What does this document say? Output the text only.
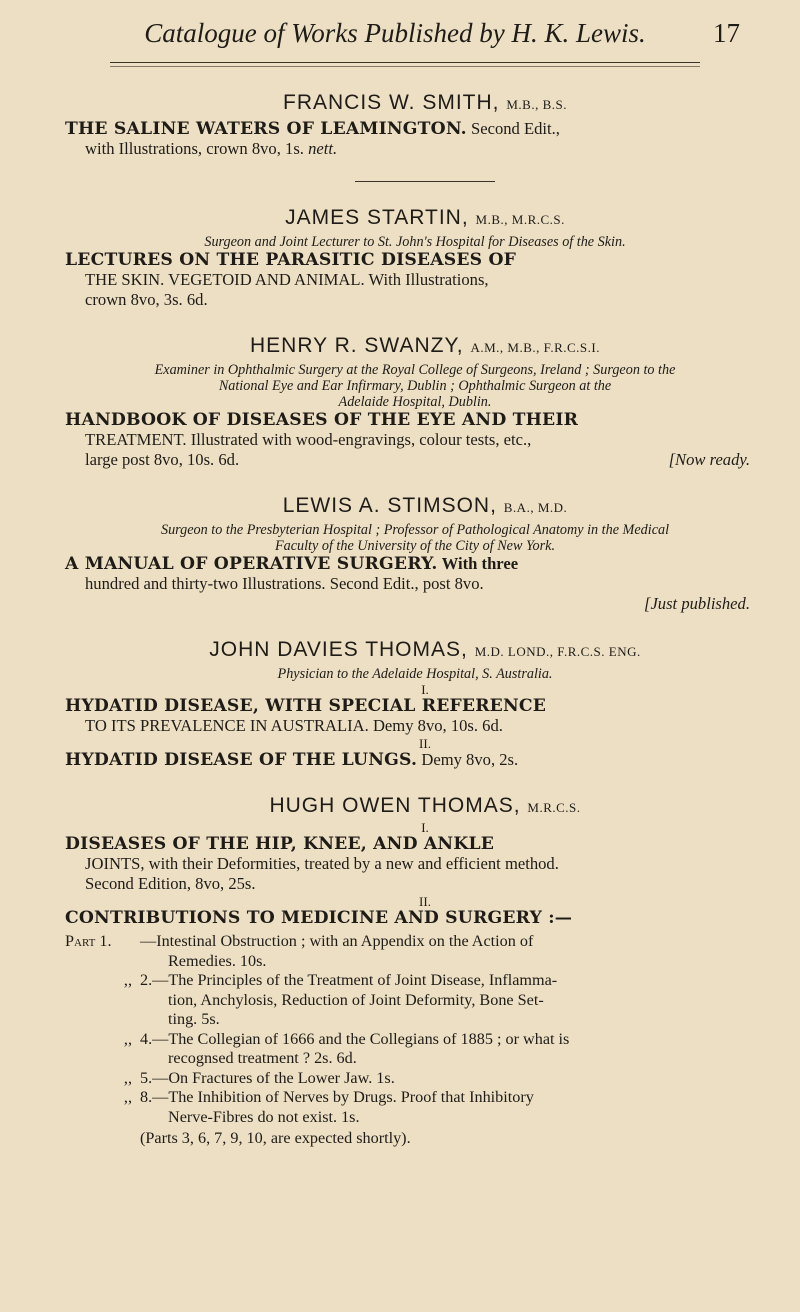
Catalogue of Works Published by H. K. Lewis.	17
FRANCIS W. SMITH, M.B., B.S.
THE SALINE WATERS OF LEAMINGTON. Second Edit.,
with Illustrations, crown 8vo, 1s. nett.
JAMES STARTIN, M.B., M.R.C.S.
Surgeon and Joint Lecturer to St. John's Hospital for Diseases of the Skin.
LECTURES ON THE PARASITIC DISEASES OF
THE SKIN. VEGETOID AND ANIMAL. With Illustrations,
crown 8vo, 3s. 6d.
HENRY R. SWANZY, A.M., M.B., F.R.C.S.I.
Examiner in Ophthalmic Surgery at the Royal College of Surgeons, Ireland ; Surgeon to the
National Eye and Ear Infirmary, Dublin ; Ophthalmic Surgeon at the
Adelaide Hospital, Dublin.
HANDBOOK OF DISEASES OF THE EYE AND THEIR
TREATMENT. Illustrated with wood-engravings, colour tests, etc.,

large post 8vo, 10s. 6d.	[Now ready.
LEWIS A. STIMSON, B.A., M.D.
Surgeon to the Presbyterian Hospital ; Professor of Pathological Anatomy in the Medical
Faculty of the University of the City of New York.
A MANUAL OF OPERATIVE SURGERY. With three
hundred and thirty-two Illustrations. Second Edit., post 8vo.
[Just published.
JOHN DAVIES THOMAS, M.D. LOND., F.R.C.S. ENG.
Physician to the Adelaide Hospital, S. Australia.
I.
HYDATID DISEASE, WITH SPECIAL REFERENCE
TO ITS PREVALENCE IN AUSTRALIA. Demy 8vo, 10s. 6d.
II.
HYDATID DISEASE OF THE LUNGS. Demy 8vo, 2s.
HUGH OWEN THOMAS, M.R.C.S.
I.
DISEASES OF THE HIP, KNEE, AND ANKLE
JOINTS, with their Deformities, treated by a new and efficient method.
Second Edition, 8vo, 25s.
II.
CONTRIBUTIONS TO MEDICINE AND SURGERY :—
Part 1.	—Intestinal Obstruction ; with an Appendix on the Action of
Remedies. 10s.
,, 2.—The Principles of the Treatment of Joint Disease, Inflamma-
tion, Anchylosis, Reduction of Joint Deformity, Bone Set-
ting. 5s.
,, 4.—The Collegian of 1666 and the Collegians of 1885 ; or what is
recognsed treatment ? 2s. 6d.
,, 5.—On Fractures of the Lower Jaw. 1s.
,, 8.—The Inhibition of Nerves by Drugs. Proof that Inhibitory
Nerve-Fibres do not exist. 1s.
(Parts 3, 6, 7, 9, 10, are expected shortly).
